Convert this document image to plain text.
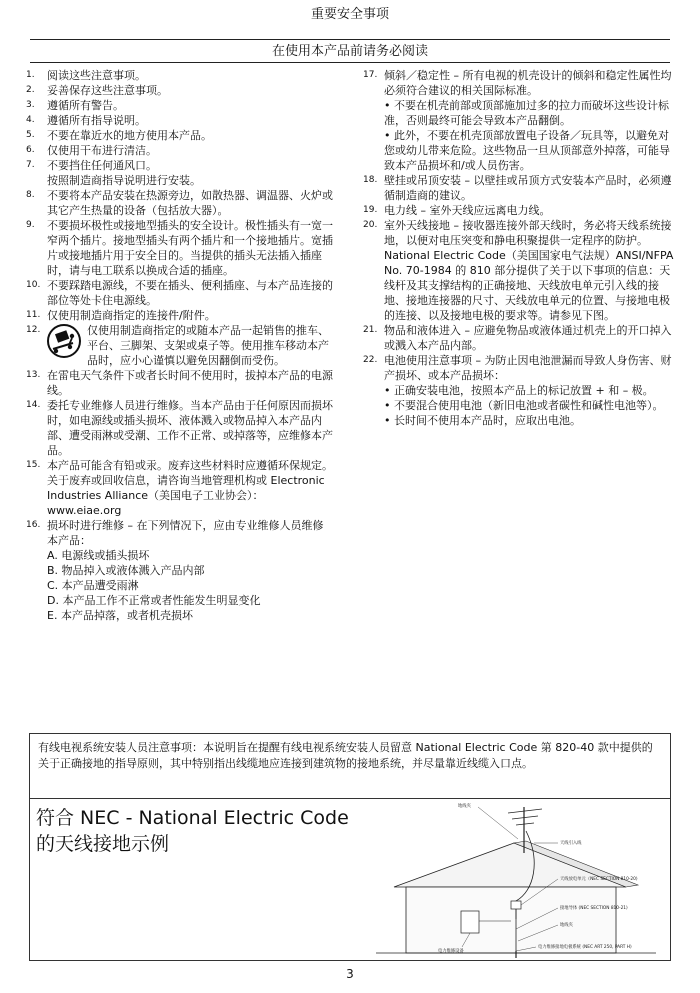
重要安全事项
在使用本产品前请务必阅读
1.	阅读这些注意事项。
2.	妥善保存这些注意事项。
3.	遵循所有警告。
4.	遵循所有指导说明。
5.	不要在靠近水的地方使用本产品。
6.	仅使用干布进行清洁。
7.	不要挡住任何通风口。
按照制造商指导说明进行安装。
8.	不要将本产品安装在热源旁边，如散热器、调温器、火炉或其它产生热量的设备（包括放大器）。
9.	不要损坏极性或接地型插头的安全设计。极性插头有一宽一窄两个插片。接地型插头有两个插片和一个接地插片。宽插片或接地插片用于安全目的。当提供的插头无法插入插座时，请与电工联系以换成合适的插座。
10. 不要踩踏电源线，不要在插头、便利插座、与本产品连接的部位等处卡住电源线。
11. 仅使用制造商指定的连接件/附件。
12.	仅使用制造商指定的或随本产品一起销售的推车、平台、三脚架、支架或桌子等。使用推车移动本产品时，应小心谨慎以避免因翻倒而受伤。
13. 在雷电天气条件下或者长时间不使用时，拔掉本产品的电源线。
14. 委托专业维修人员进行维修。当本产品由于任何原因而损坏时，如电源线或插头损坏、液体溅入或物品掉入本产品内部、遭受雨淋或受潮、工作不正常、或掉落等，应维修本产品。
15. 本产品可能含有铅或汞。废弃这些材料时应遵循环保规定。关于废弃或回收信息，请咨询当地管理机构或 Electronic Industries Alliance（美国电子工业协会）：www.eiae.org
16. 损坏时进行维修 – 在下列情况下，应由专业维修人员维修本产品：
A. 电源线或插头损坏
B. 物品掉入或液体溅入产品内部
C. 本产品遭受雨淋
D. 本产品工作不正常或者性能发生明显变化
E. 本产品掉落，或者机壳损坏
17. 倾斜／稳定性 – 所有电视的机壳设计的倾斜和稳定性属性均必须符合建议的相关国际标准。
• 不要在机壳前部或顶部施加过多的拉力而破坏这些设计标准，否则最终可能会导致本产品翻倒。
• 此外，不要在机壳顶部放置电子设备／玩具等，以避免对您或幼儿带来危险。这些物品一旦从顶部意外掉落，可能导致本产品损坏和/或人员伤害。
18. 壁挂或吊顶安装 – 以壁挂或吊顶方式安装本产品时，必须遵循制造商的建议。
19. 电力线 – 室外天线应远离电力线。
20. 室外天线接地 – 接收器连接外部天线时，务必将天线系统接地，以便对电压突变和静电积聚提供一定程序的防护。
National Electric Code（美国国家电气法规）ANSI/NFPA No. 70-1984 的 810 部分提供了关于以下事项的信息：天线杆及其支撑结构的正确接地、天线放电单元引入线的接地、接地连接器的尺寸、天线放电单元的位置、与接地电极的连接、以及接地电极的要求等。请参见下图。
21. 物品和液体进入 – 应避免物品或液体通过机壳上的开口掉入或溅入本产品内部。
22. 电池使用注意事项 – 为防止因电池泄漏而导致人身伤害、财产损坏、或本产品损坏：
• 正确安装电池，按照本产品上的标记放置 + 和 – 极。
• 不要混合使用电池（新旧电池或者碳性和碱性电池等）。
• 长时间不使用本产品时，应取出电池。
有线电视系统安装人员注意事项：本说明旨在提醒有线电视系统安装人员留意 National Electric Code 第 820-40 款中提供的关于正确接地的指导原则，其中特别指出线缆地应连接到建筑物的接地系统，并尽量靠近线缆入口点。
符合 NEC - National Electric Code
的天线接地示例
地线夹
天线引入线
天线放电单元（NEC SECTION 810-20)
接地导体 (NEC SECTION 810-21)
地线夹
电力维修设备
电力维修接地电极系统 (NEC ART 250, PART H)
3
